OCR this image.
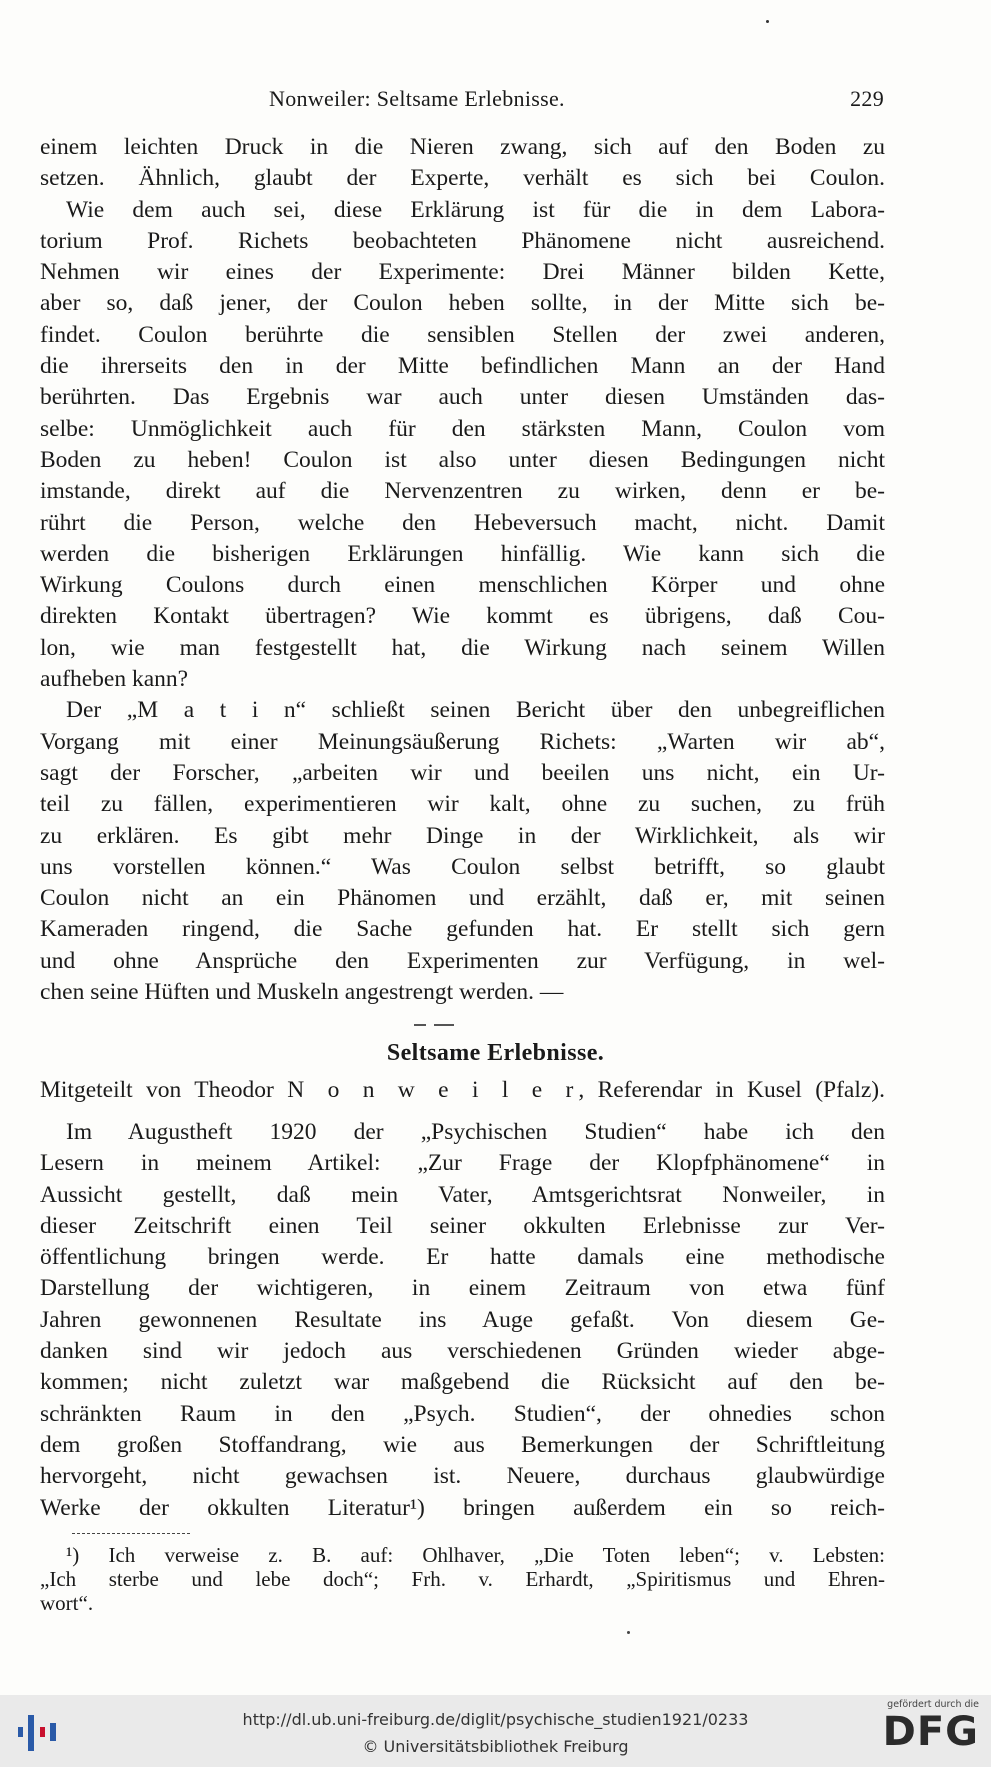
Nonweiler: Seltsame Erlebnisse.	229
einem leichten Druck in die Nieren zwang, sich auf den Boden zu
setzen. Ähnlich, glaubt der Experte, verhält es sich bei Coulon.
Wie dem auch sei, diese Erklärung ist für die in dem Labora-
torium Prof. Richets beobachteten Phänomene nicht ausreichend.
Nehmen wir eines der Experimente: Drei Männer bilden Kette,
aber so, daß jener, der Coulon heben sollte, in der Mitte sich be-
findet. Coulon berührte die sensiblen Stellen der zwei anderen,
die ihrerseits den in der Mitte befindlichen Mann an der Hand
berührten. Das Ergebnis war auch unter diesen Umständen das-
selbe: Unmöglichkeit auch für den stärksten Mann, Coulon vom
Boden zu heben! Coulon ist also unter diesen Bedingungen nicht
imstande, direkt auf die Nervenzentren zu wirken, denn er be-
rührt die Person, welche den Hebeversuch macht, nicht. Damit
werden die bisherigen Erklärungen hinfällig. Wie kann sich die
Wirkung Coulons durch einen menschlichen Körper und ohne
direkten Kontakt übertragen? Wie kommt es übrigens, daß Cou-
lon, wie man festgestellt hat, die Wirkung nach seinem Willen
aufheben kann?
Der „M a t i n“ schließt seinen Bericht über den unbegreiflichen
Vorgang mit einer Meinungsäußerung Richets: „Warten wir ab“,
sagt der Forscher, „arbeiten wir und beeilen uns nicht, ein Ur-
teil zu fällen, experimentieren wir kalt, ohne zu suchen, zu früh
zu erklären. Es gibt mehr Dinge in der Wirklichkeit, als wir
uns vorstellen können.“ Was Coulon selbst betrifft, so glaubt
Coulon nicht an ein Phänomen und erzählt, daß er, mit seinen
Kameraden ringend, die Sache gefunden hat. Er stellt sich gern
und ohne Ansprüche den Experimenten zur Verfügung, in wel-
chen seine Hüften und Muskeln angestrengt werden. —
Seltsame Erlebnisse.
Mitgeteilt von Theodor N o n w e i l e r, Referendar in Kusel (Pfalz).
Im Augustheft 1920 der „Psychischen Studien“ habe ich den
Lesern in meinem Artikel: „Zur Frage der Klopfphänomene“ in
Aussicht gestellt, daß mein Vater, Amtsgerichtsrat Nonweiler, in
dieser Zeitschrift einen Teil seiner okkulten Erlebnisse zur Ver-
öffentlichung bringen werde. Er hatte damals eine methodische
Darstellung der wichtigeren, in einem Zeitraum von etwa fünf
Jahren gewonnenen Resultate ins Auge gefaßt. Von diesem Ge-
danken sind wir jedoch aus verschiedenen Gründen wieder abge-
kommen; nicht zuletzt war maßgebend die Rücksicht auf den be-
schränkten Raum in den „Psych. Studien“, der ohnedies schon
dem großen Stoffandrang, wie aus Bemerkungen der Schriftleitung
hervorgeht, nicht gewachsen ist. Neuere, durchaus glaubwürdige
Werke der okkulten Literatur¹) bringen außerdem ein so reich-
¹) Ich verweise z. B. auf: Ohlhaver, „Die Toten leben“; v. Lebsten:
„Ich sterbe und lebe doch“; Frh. v. Erhardt, „Spiritismus und Ehren-
wort“.
http://dl.ub.uni-freiburg.de/diglit/psychische_studien1921/0233
© Universitätsbibliothek Freiburg
gefördert durch die
DFG
